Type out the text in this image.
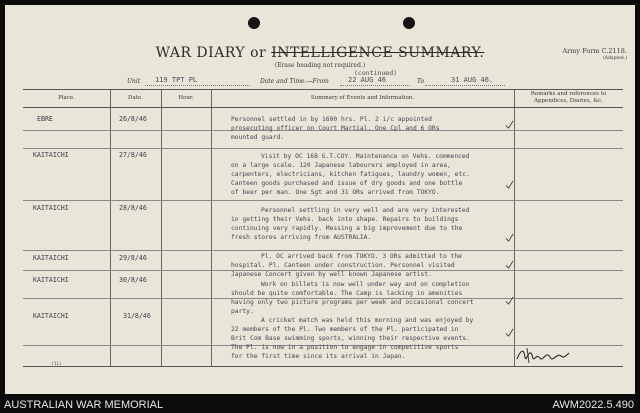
WAR DIARY or INTELLIGENCE SUMMARY.
(Erase heading not required.)
Army Form C.2118.
(Adapted.)
(continued)
Unit 119 TPT PL	Date and Time.—From	22 AUG 46	To	31 AUG 46.
Place.	Date.	Hour.	Summary of Events and Information.
Remarks and references to
Appendices, Diaries, &c.
EBRE	26/8/46	Personnel settled in by 1600 hrs. Pl. 2 i/c appointed
prosecuting officer on Court Martial. One Cpl and 6 ORs
mounted guard.
KAITAICHI	27/8/46	Visit by OC 168 G.T.COY. Maintenance on Vehs. commenced
on a large scale. 120 Japanese labourers employed in area,
carpenters, electricians, kitchen fatigues, laundry women, etc.
Canteen goods purchased and issue of dry goods and one bottle
of beer per man. One Sgt and 31 ORs arrived from TOKYO.
KAITAICHI	28/8/46	Personnel settling in very well and are very interested
in getting their Vehs. back into shape. Repairs to buildings
continuing very rapidly. Messing a big improvement due to the
fresh stores arriving from AUSTRALIA.
KAITAICHI	29/8/46	Pl. OC arrived back from TOKYO. 3 ORs admitted to the
hospital. Pl. Canteen under construction. Personnel visited
Japanese Concert given by well known Japanese artist.
KAITAICHI	30/8/46
Work on billets is now well under way and on completion
should be quite comfortable. The Camp is lacking in amenities
having only two picture programs per week and occasional concert
party.
KAITAICHI	31/8/46
A cricket match was held this morning and was enjoyed by
22 members of the Pl. Two members of the Pl. participated in
Brit Com Base swimming sports, winning their respective events.
The Pl. is now in a position to engage in competitive sports
for the first time since its arrival in Japan.
(11)
AUSTRALIAN WAR MEMORIAL	AWM2022.5.490
